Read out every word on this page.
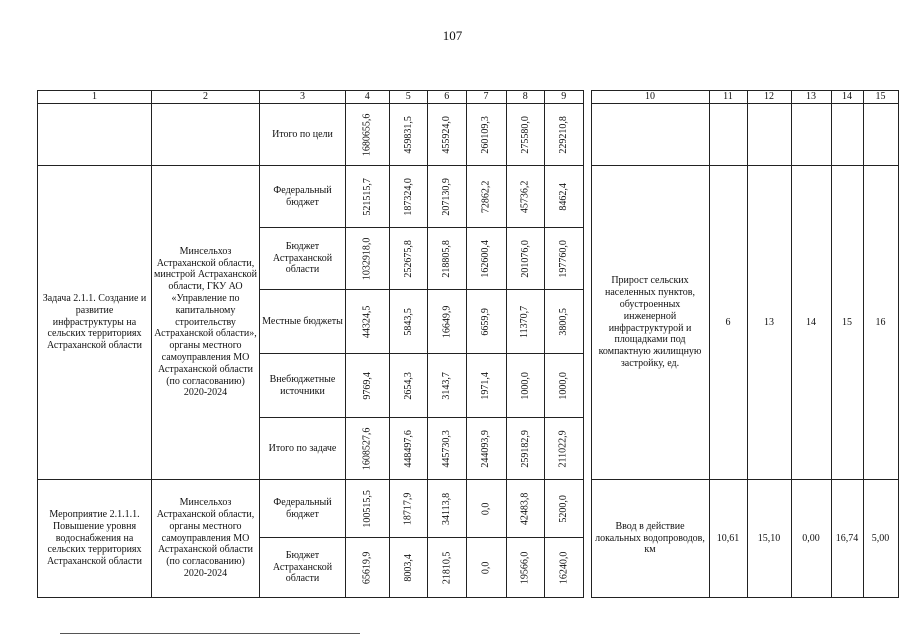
107
1	2	3	4	5	6	7	8	9		10	11	12	13	14	15
		Итого по цели	1680655,6	459831,5	455924,0	260109,3	275580,0	229210,8							
Задача 2.1.1. Создание и развитие инфраструктуры на сельских территориях Астраханской области	Минсельхоз Астраханской области, минстрой Астраханской области, ГКУ АО «Управление по капитальному строительству Астраханской области», органы местного самоуправления МО Астраханской области (по согласованию) 2020-2024	Федеральный бюджет	521515,7	187324,0	207130,9	72862,2	45736,2	8462,4		Прирост сельских населенных пунктов, обустроенных инженерной инфраструктурой и площадками под компактную жилищную застройку, ед.	6	13	14	15	16
		Бюджет Астраханской области	1032918,0	252675,8	218805,8	162600,4	201076,0	197760,0							
		Местные бюджеты	44324,5	5843,5	16649,9	6659,9	11370,7	3800,5							
		Внебюджетные источники	9769,4	2654,3	3143,7	1971,4	1000,0	1000,0							
		Итого по задаче	1608527,6	448497,6	445730,3	244093,9	259182,9	211022,9							
Мероприятие 2.1.1.1. Повышение уровня водоснабжения на сельских территориях Астраханской области	Минсельхоз Астраханской области, органы местного самоуправления МО Астраханской области (по согласованию) 2020-2024	Федеральный бюджет	100515,5	18717,9	34113,8	0,0	42483,8	5200,0		Ввод в действие локальных водопроводов, км	10,61	15,10	0,00	16,74	5,00
		Бюджет Астраханской области	65619,9	8003,4	21810,5	0,0	19566,0	16240,0							
